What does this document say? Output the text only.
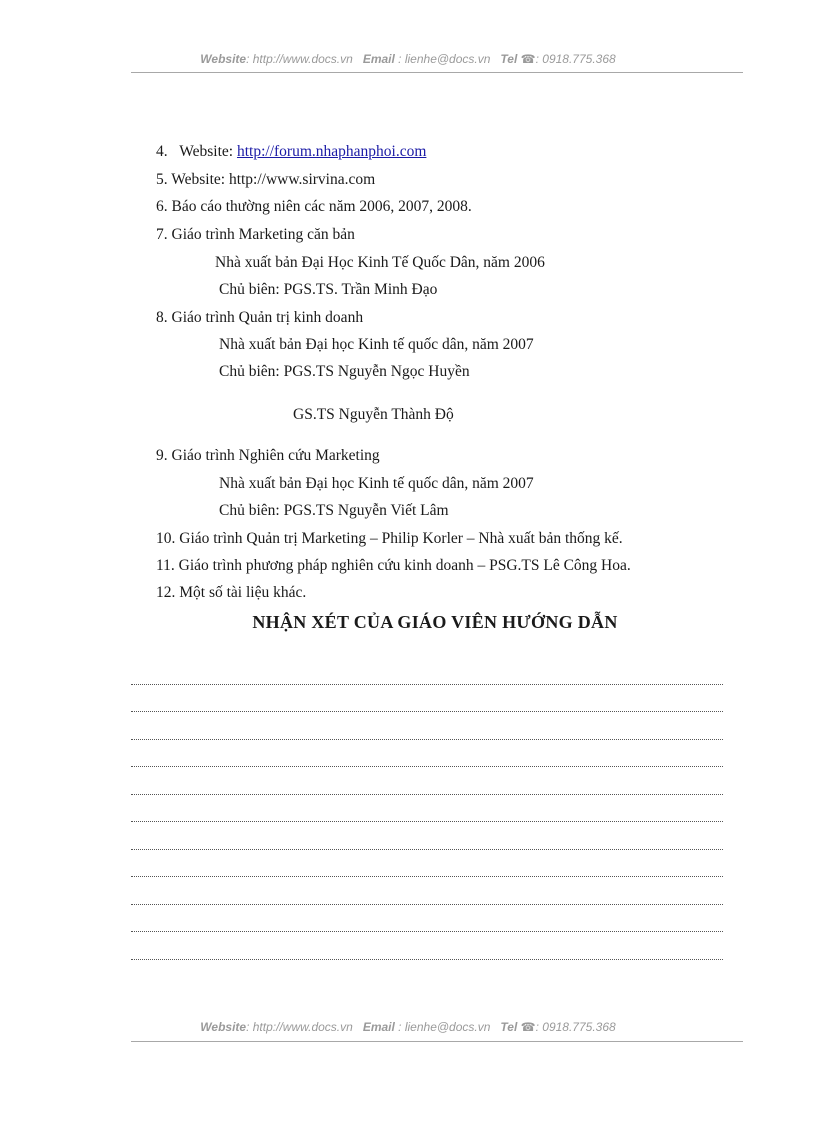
Website: http://www.docs.vn Email : lienhe@docs.vn Tel ☎: 0918.775.368
4. Website: http://forum.nhaphanphoi.com
5. Website: http://www.sirvina.com
6. Báo cáo thường niên các năm 2006, 2007, 2008.
7. Giáo trình Marketing căn bản
Nhà xuất bản Đại Học Kinh Tế Quốc Dân, năm 2006
Chủ biên: PGS.TS. Trần Minh Đạo
8. Giáo trình Quản trị kinh doanh
Nhà xuất bản Đại học Kinh tế quốc dân, năm 2007
Chủ biên: PGS.TS Nguyễn Ngọc Huyền
GS.TS Nguyễn Thành Độ
9. Giáo trình Nghiên cứu Marketing
Nhà xuất bản Đại học Kinh tế quốc dân, năm 2007
Chủ biên: PGS.TS Nguyễn Viết Lâm
10. Giáo trình Quản trị Marketing – Philip Korler – Nhà xuất bản thống kế.
11. Giáo trình phương pháp nghiên cứu kinh doanh – PSG.TS Lê Công Hoa.
12. Một số tài liệu khác.
NHẬN XÉT CỦA GIÁO VIÊN HƯỚNG DẪN
Website: http://www.docs.vn Email : lienhe@docs.vn Tel ☎: 0918.775.368
